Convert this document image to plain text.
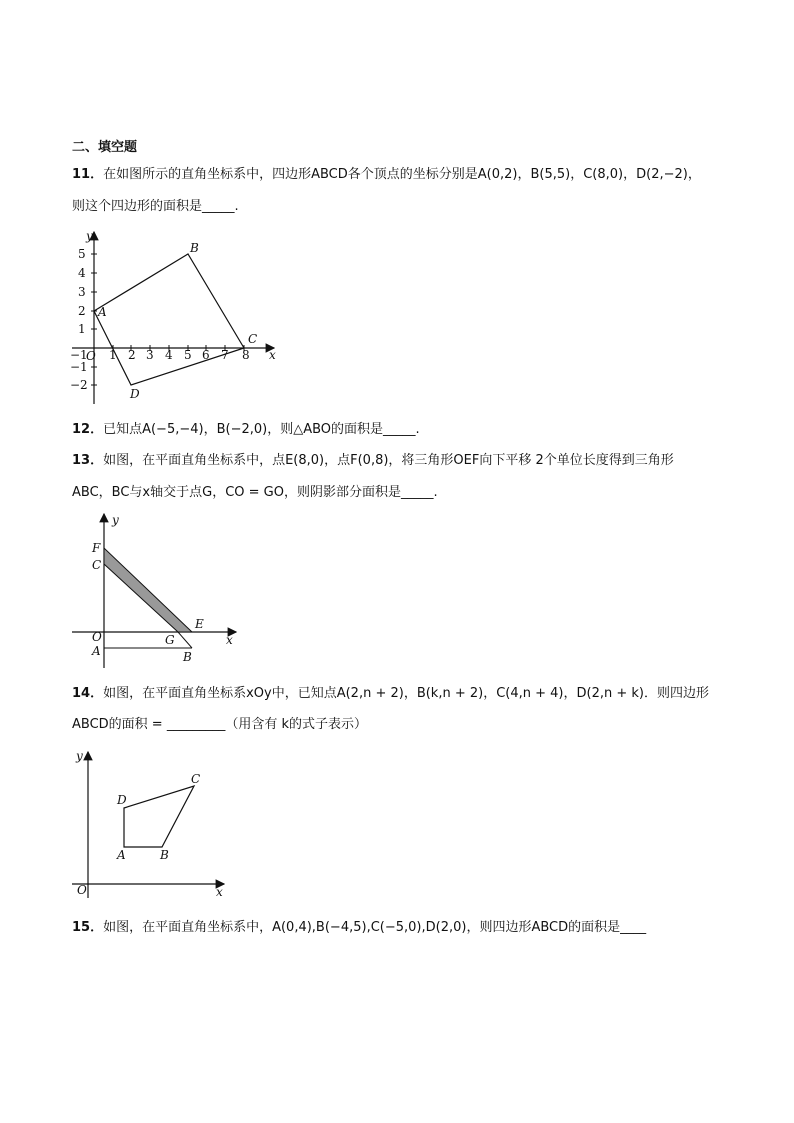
二、填空题
11．在如图所示的直角坐标系中，四边形ABCD各个顶点的坐标分别是A(0,2)，B(5,5)，C(8,0)，D(2,−2)，
则这个四边形的面积是_____.
−1 1 2 3 4 5 6 7 8
5
4
3
2
1
−1
−2
A
B
C
D
O	x
y
12．已知点A(−5,−4)，B(−2,0)，则△ABO的面积是_____.
13．如图，在平面直角坐标系中，点E(8,0)，点F(0,8)，将三角形OEF向下平移 2个单位长度得到三角形
ABC，BC与x轴交于点G，CO = GO，则阴影部分面积是_____.
F
C
O
A
G
E
B
x
y
14．如图，在平面直角坐标系xOy中，已知点A(2,n + 2)，B(k,n + 2)，C(4,n + 4)，D(2,n + k)．则四边形
ABCD的面积 = _________（用含有 k的式子表示）
A	B
C
D
O	x
y
15．如图，在平面直角坐标系中，A(0,4),B(−4,5),C(−5,0),D(2,0)，则四边形ABCD的面积是____
